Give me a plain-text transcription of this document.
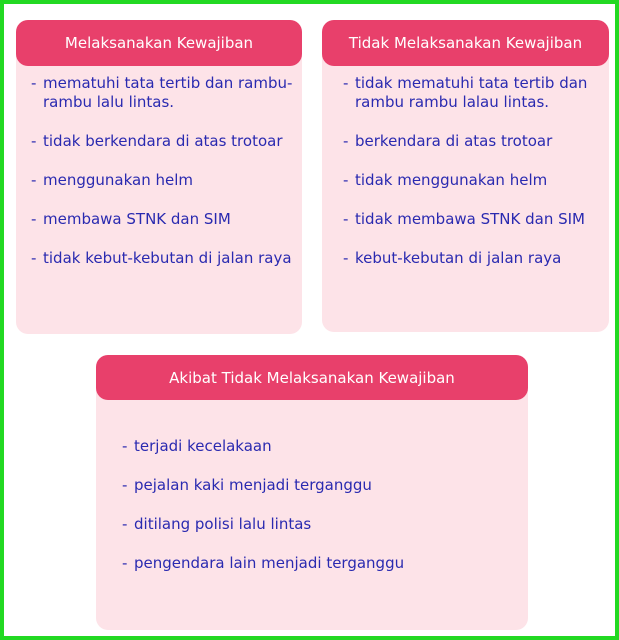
Melaksanakan Kewajiban
- mematuhi tata tertib dan rambu-rambu lalu lintas.
- tidak berkendara di atas trotoar
- menggunakan helm
- membawa STNK dan SIM
- tidak kebut-kebutan di jalan raya
Tidak Melaksanakan Kewajiban
- tidak mematuhi tata tertib dan rambu rambu lalau lintas.
- berkendara di atas trotoar
- tidak menggunakan helm
- tidak membawa STNK dan SIM
- kebut-kebutan di jalan raya
Akibat Tidak Melaksanakan Kewajiban
- terjadi kecelakaan
- pejalan kaki menjadi terganggu
- ditilang polisi lalu lintas
- pengendara lain menjadi terganggu
